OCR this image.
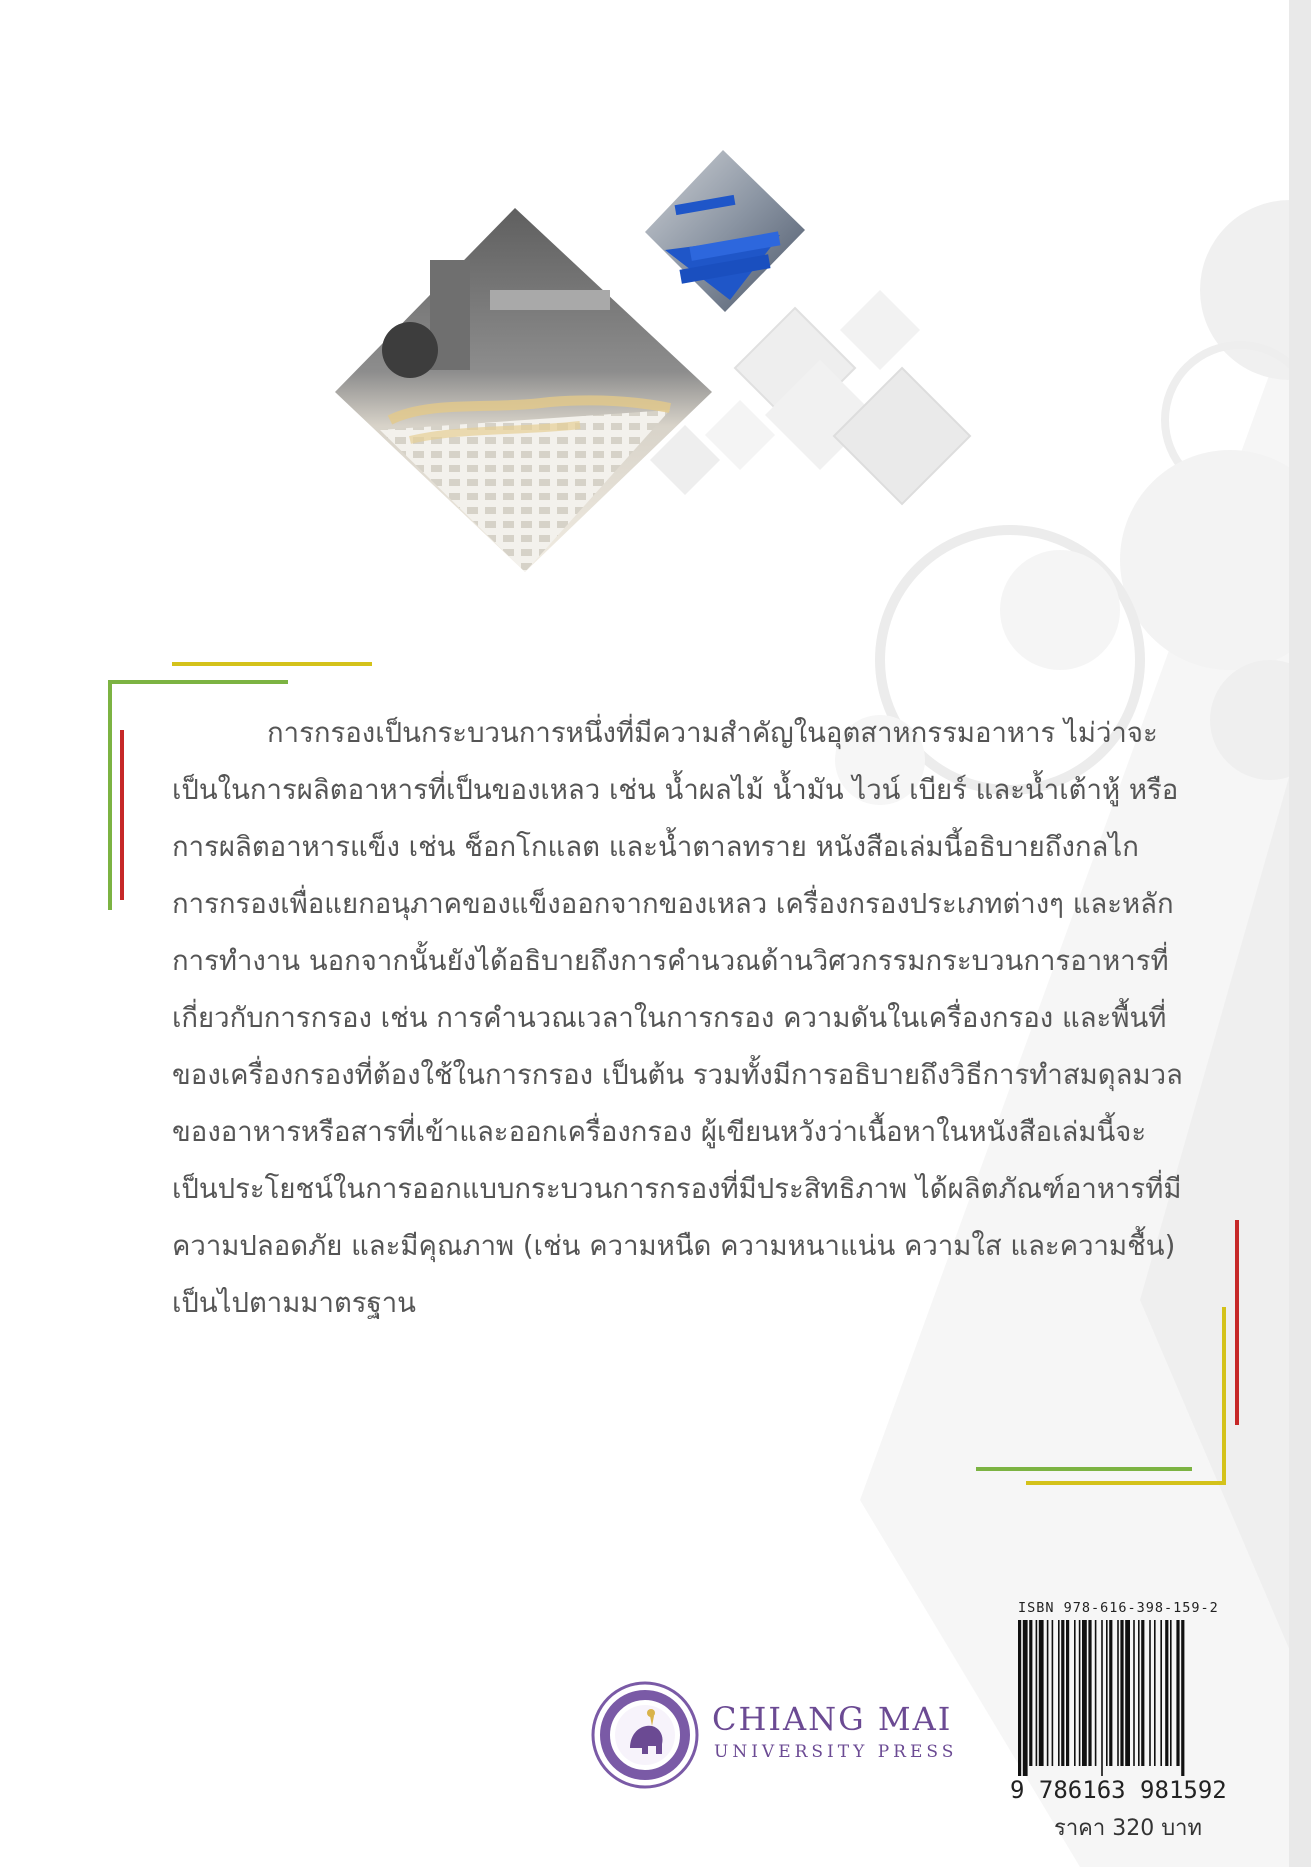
การกรองเป็นกระบวนการหนึ่งที่มีความสำคัญในอุตสาหกรรมอาหาร ไม่ว่าจะเป็นในการผลิตอาหารที่เป็นของเหลว เช่น น้ำผลไม้ น้ำมัน ไวน์ เบียร์ และน้ำเต้าหู้ หรือการผลิตอาหารแข็ง เช่น ช็อกโกแลต และน้ำตาลทราย หนังสือเล่มนี้อธิบายถึงกลไกการกรองเพื่อแยกอนุภาคของแข็งออกจากของเหลว เครื่องกรองประเภทต่างๆ และหลักการทำงาน นอกจากนั้นยังได้อธิบายถึงการคำนวณด้านวิศวกรรมกระบวนการอาหารที่เกี่ยวกับการกรอง เช่น การคำนวณเวลาในการกรอง ความดันในเครื่องกรอง และพื้นที่ของเครื่องกรองที่ต้องใช้ในการกรอง เป็นต้น รวมทั้งมีการอธิบายถึงวิธีการทำสมดุลมวลของอาหารหรือสารที่เข้าและออกเครื่องกรอง ผู้เขียนหวังว่าเนื้อหาในหนังสือเล่มนี้จะเป็นประโยชน์ในการออกแบบกระบวนการกรองที่มีประสิทธิภาพ ได้ผลิตภัณฑ์อาหารที่มีความปลอดภัย และมีคุณภาพ (เช่น ความหนืด ความหนาแน่น ความใส และความชื้น) เป็นไปตามมาตรฐาน

CHIANG MAI
UNIVERSITY PRESS
ISBN 978-616-398-159-2
9 786163 981592
ราคา 320 บาท
